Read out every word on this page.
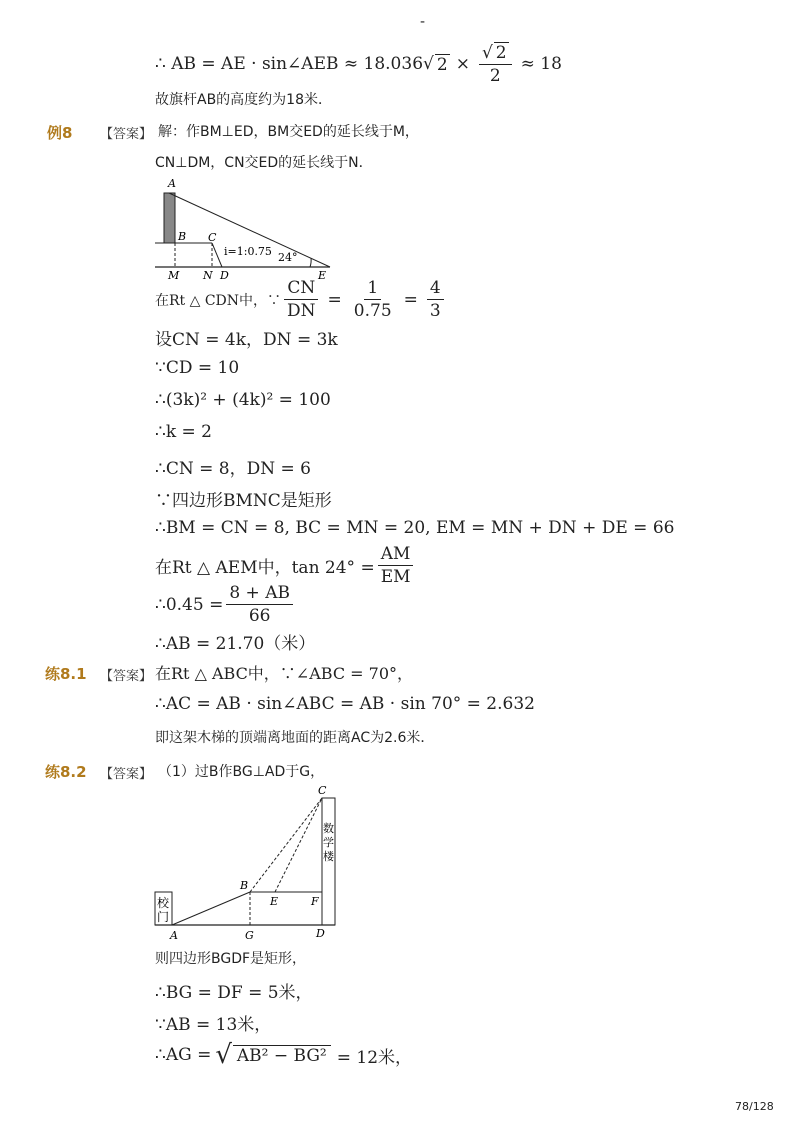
-
∴ AB = AE · sin∠AEB ≈ 18.036 √ $2 \times \frac{√ 2}{2} \approx 18$
故旗杆AB的高度约为18米．
例8 【答案】 解：作BM⊥ED，BM交ED的延长线于M，
CN⊥DM，CN交ED的延长线于N．
A
B C
M N D	E
i=1:0.75 24°
在Rt △ CDN中，∵ $\frac{CN}{DN} = \frac{1}{0.75} = \frac{4}{3}$
设CN = 4k，DN = 3k
∵CD = 10
∴(3k)² + (4k)² = 100
∴k = 2
∴CN = 8，DN = 6
∵四边形BMNC是矩形
∴BM = CN = 8, BC = MN = 20, EM = MN + DN + DE = 66
在Rt △ AEM中，$\tan 24^\circ = \frac{AM}{EM}$
∴0.45 = $\frac{8 + AB}{66}$
∴AB = 21.70（米）
练8.1 【答案】 在Rt △ ABC中，∵∠ABC = 70°，
∴AC = AB · sin∠ABC = AB · sin 70° = 2.632
即这架木梯的顶端离地面的距离AC为2.6米．
练8.2 【答案】 （1）过B作BG⊥AD于G，
校
门
数
学
楼
C
B
E	F
A	G	D
则四边形BGDF是矩形，
∴BG = DF = 5米，
∵AB = 13米，
∴AG = √ AB² − BG² = 12米，
78/128
